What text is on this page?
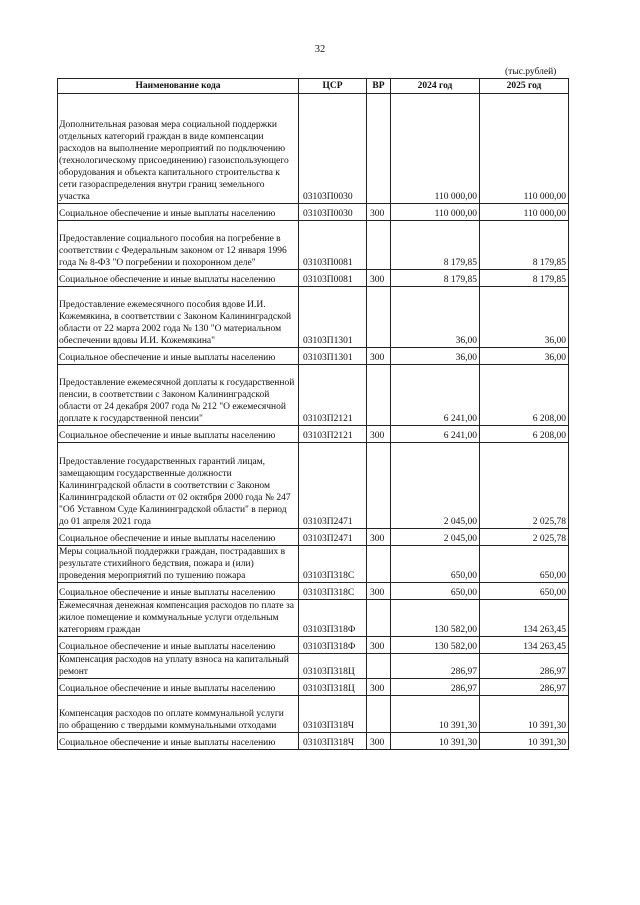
32
(тыс.рублей)
Наименование кода	ЦСР	ВР	2024 год	2025 год
Дополнительная разовая мера социальной поддержки отдельных категорий граждан в виде компенсации расходов на выполнение мероприятий по подключению (технологическому присоединению) газоиспользующего оборудования и объекта капитального строительства к сети газораспределения внутри границ земельного участка	03103П0030		110 000,00	110 000,00
Социальное обеспечение и иные выплаты населению	03103П0030	300	110 000,00	110 000,00
Предоставление социального пособия на погребение в соответствии с Федеральным законом от 12 января 1996 года № 8-ФЗ "О погребении и похоронном деле"	03103П0081		8 179,85	8 179,85
Социальное обеспечение и иные выплаты населению	03103П0081	300	8 179,85	8 179,85
Предоставление ежемесячного пособия вдове И.И. Кожемякина, в соответствии с Законом Калининградской области от 22 марта 2002 года № 130 "О материальном обеспечении вдовы И.И. Кожемякина"	03103П1301		36,00	36,00
Социальное обеспечение и иные выплаты населению	03103П1301	300	36,00	36,00
Предоставление ежемесячной доплаты к государственной пенсии, в соответствии с Законом Калининградской области от 24 декабря 2007 года № 212 "О ежемесячной доплате к государственной пенсии"	03103П2121		6 241,00	6 208,00
Социальное обеспечение и иные выплаты населению	03103П2121	300	6 241,00	6 208,00
Предоставление государственных гарантий лицам, замещающим государственные должности Калининградской области в соответствии с Законом Калининградской области от 02 октября 2000 года № 247 "Об Уставном Суде Калининградской области" в период до 01 апреля 2021 года	03103П2471		2 045,00	2 025,78
Социальное обеспечение и иные выплаты населению	03103П2471	300	2 045,00	2 025,78
Меры социальной поддержки граждан, пострадавших в результате стихийного бедствия, пожара и (или) проведения мероприятий по тушению пожара	03103П318С		650,00	650,00
Социальное обеспечение и иные выплаты населению	03103П318С	300	650,00	650,00
Ежемесячная денежная компенсация расходов по плате за жилое помещение и коммунальные услуги отдельным категориям граждан	03103П318Ф		130 582,00	134 263,45
Социальное обеспечение и иные выплаты населению	03103П318Ф	300	130 582,00	134 263,45
Компенсация расходов на уплату взноса на капитальный ремонт	03103П318Ц		286,97	286,97
Социальное обеспечение и иные выплаты населению	03103П318Ц	300	286,97	286,97
Компенсация расходов по оплате коммунальной услуги по обращению с твердыми коммунальными отходами	03103П318Ч		10 391,30	10 391,30
Социальное обеспечение и иные выплаты населению	03103П318Ч	300	10 391,30	10 391,30
